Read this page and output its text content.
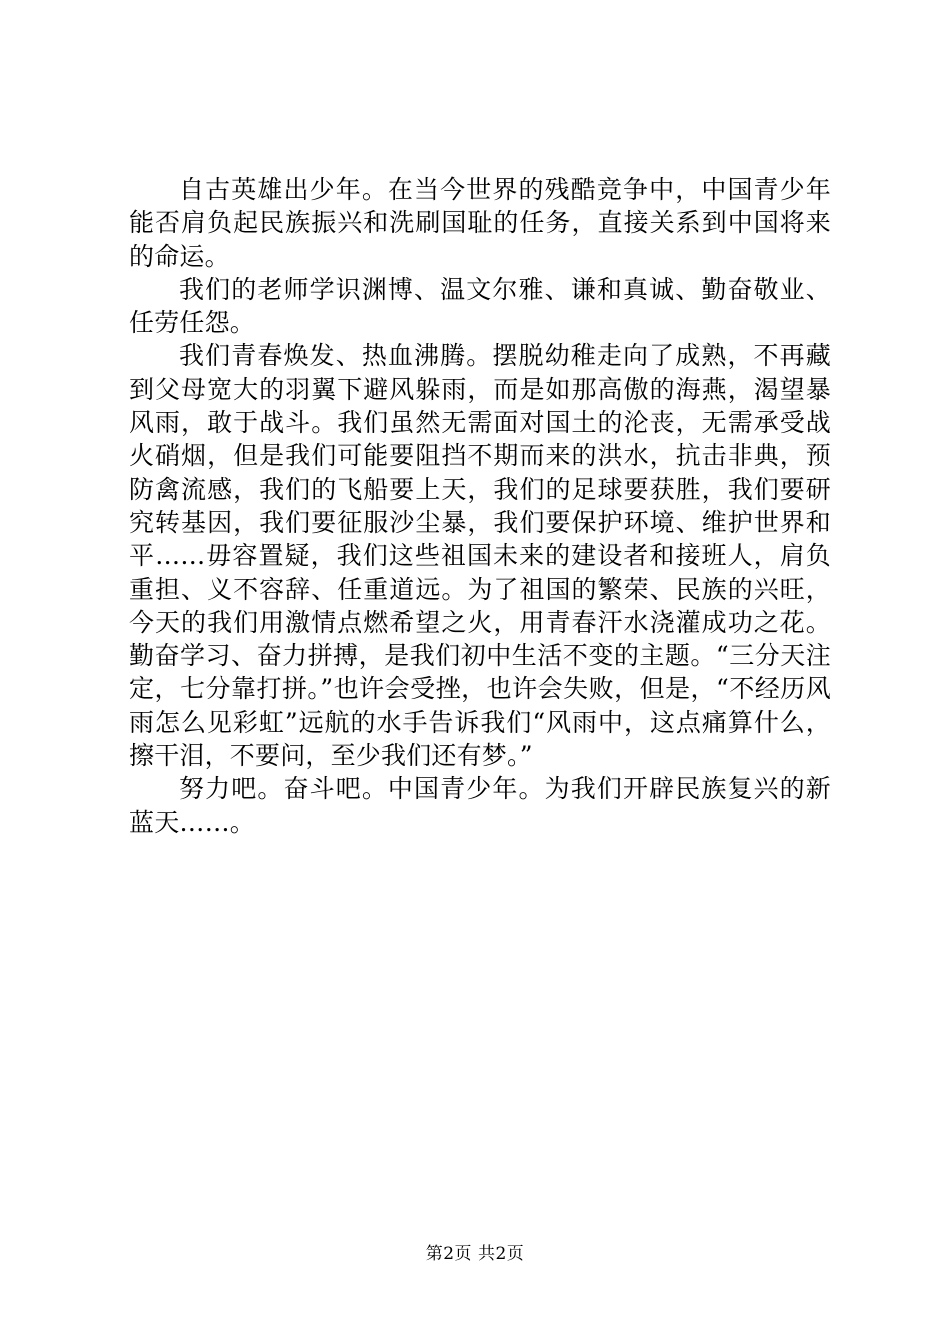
自古英雄出少年。在当今世界的残酷竞争中，中国青少年能否肩负起民族振兴和洗刷国耻的任务，直接关系到中国将来的命运。

我们的老师学识渊博、温文尔雅、谦和真诚、勤奋敬业、任劳任怨。

我们青春焕发、热血沸腾。摆脱幼稚走向了成熟，不再藏到父母宽大的羽翼下避风躲雨，而是如那高傲的海燕，渴望暴风雨，敢于战斗。我们虽然无需面对国土的沦丧，无需承受战火硝烟，但是我们可能要阻挡不期而来的洪水，抗击非典，预防禽流感，我们的飞船要上天，我们的足球要获胜，我们要研究转基因，我们要征服沙尘暴，我们要保护环境、维护世界和平……毋容置疑，我们这些祖国未来的建设者和接班人，肩负重担、义不容辞、任重道远。为了祖国的繁荣、民族的兴旺，今天的我们用激情点燃希望之火，用青春汗水浇灌成功之花。勤奋学习、奋力拼搏，是我们初中生活不变的主题。“三分天注定，七分靠打拼。”也许会受挫，也许会失败，但是，“不经历风雨怎么见彩虹”远航的水手告诉我们“风雨中，这点痛算什么，擦干泪，不要问，至少我们还有梦。”

努力吧。奋斗吧。中国青少年。为我们开辟民族复兴的新蓝天……。

第2页 共2页
